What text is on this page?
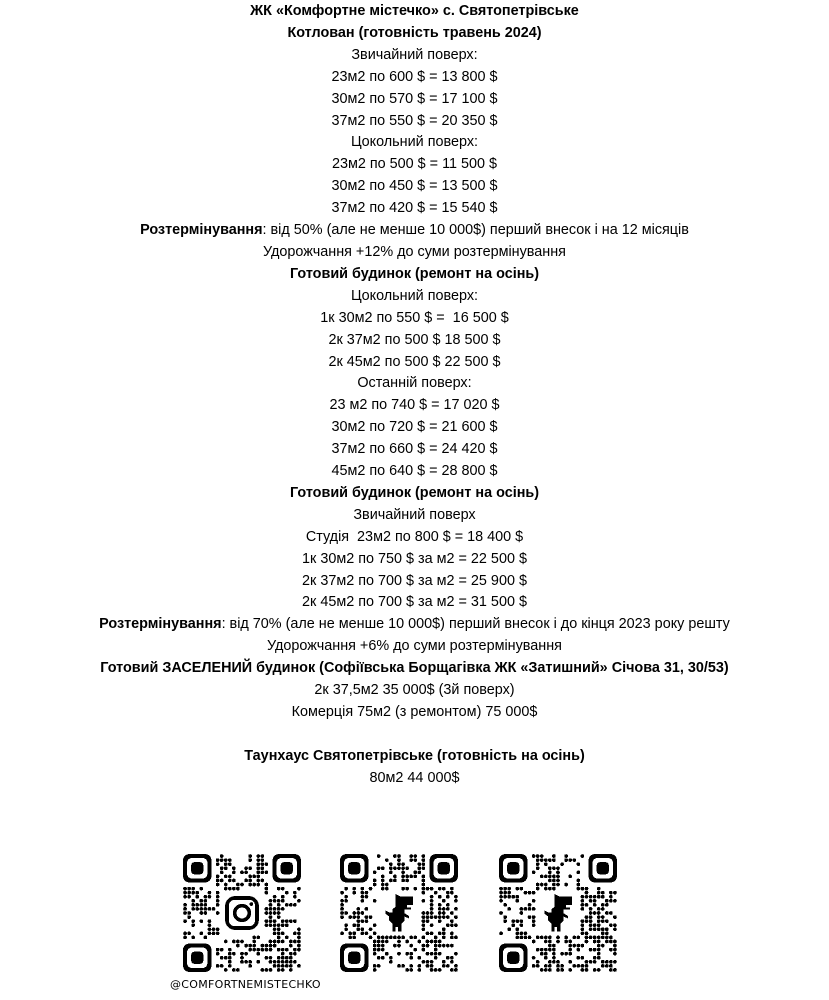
ЖК «Комфортне містечко» с. Святопетрівське
Котлован (готовність травень 2024)
Звичайний поверх:
23м2 по 600 $ = 13 800 $
30м2 по 570 $ = 17 100 $
37м2 по 550 $ = 20 350 $
Цокольний поверх:
23м2 по 500 $ = 11 500 $
30м2 по 450 $ = 13 500 $
37м2 по 420 $ = 15 540 $
Розтермінування: від 50% (але не менше 10 000$) перший внесок і на 12 місяців
Удорожчання +12% до суми розтермінування
Готовий будинок (ремонт на осінь)
Цокольний поверх:
1к 30м2 по 550 $ =  16 500 $
2к 37м2 по 500 $ 18 500 $
2к 45м2 по 500 $ 22 500 $
Останній поверх:
23 м2 по 740 $ = 17 020 $
30м2 по 720 $ = 21 600 $
37м2 по 660 $ = 24 420 $
45м2 по 640 $ = 28 800 $
Готовий будинок (ремонт на осінь)
Звичайний поверх
Студія  23м2 по 800 $ = 18 400 $
1к 30м2 по 750 $ за м2 = 22 500 $
2к 37м2 по 700 $ за м2 = 25 900 $
2к 45м2 по 700 $ за м2 = 31 500 $
Розтермінування: від 70% (але не менше 10 000$) перший внесок і до кінця 2023 року решту
Удорожчання +6% до суми розтермінування
Готовий ЗАСЕЛЕНИЙ будинок (Софіївська Борщагівка ЖК «Затишний» Січова 31, 30/53)
2к 37,5м2 35 000$ (3й поверх)
Комерція 75м2 (з ремонтом) 75 000$
Таунхаус Святопетрівське (готовність на осінь)
80м2 44 000$
@COMFORTNEMISTECHKO
